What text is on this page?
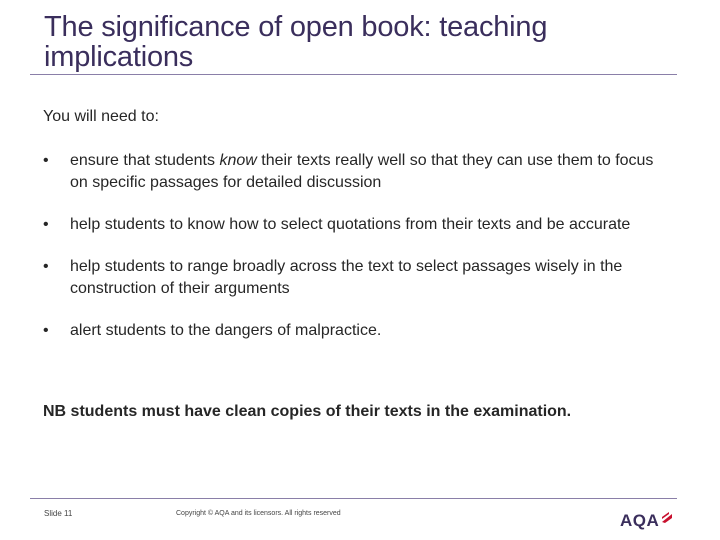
The significance of open book: teaching implications
You will need to:
•	ensure that students know their texts really well so that they can use them to focus on specific passages for detailed discussion
•	help students to know how to select quotations from their texts and be accurate
•	help students to range broadly across the text to select passages wisely in the construction of their arguments
•	alert students to the dangers of malpractice.
NB students must have clean copies of their texts in the examination.
Slide 11	Copyright © AQA and its licensors. All rights reserved	AQA
